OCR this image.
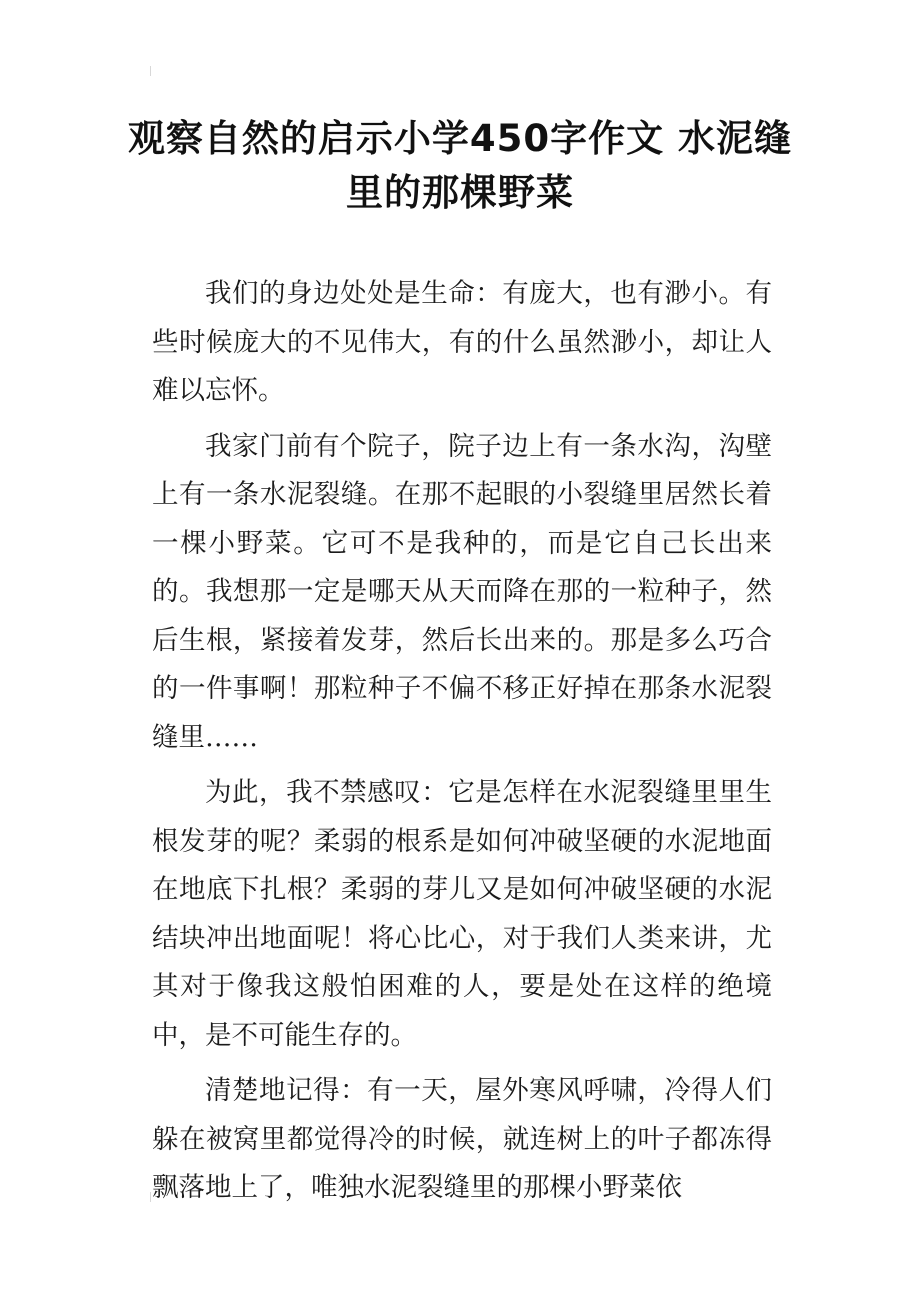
观察自然的启示小学450字作文 水泥缝里的那棵野菜

我们的身边处处是生命：有庞大，也有渺小。有些时候庞大的不见伟大，有的什么虽然渺小，却让人难以忘怀。

我家门前有个院子，院子边上有一条水沟，沟壁上有一条水泥裂缝。在那不起眼的小裂缝里居然长着一棵小野菜。它可不是我种的，而是它自己长出来的。我想那一定是哪天从天而降在那的一粒种子，然后生根，紧接着发芽，然后长出来的。那是多么巧合的一件事啊！那粒种子不偏不移正好掉在那条水泥裂缝里……

为此，我不禁感叹：它是怎样在水泥裂缝里里生根发芽的呢？柔弱的根系是如何冲破坚硬的水泥地面在地底下扎根？柔弱的芽儿又是如何冲破坚硬的水泥结块冲出地面呢！将心比心，对于我们人类来讲，尤其对于像我这般怕困难的人，要是处在这样的绝境中，是不可能生存的。

清楚地记得：有一天，屋外寒风呼啸，冷得人们躲在被窝里都觉得冷的时候，就连树上的叶子都冻得飘落地上了，唯独水泥裂缝里的那棵小野菜依
